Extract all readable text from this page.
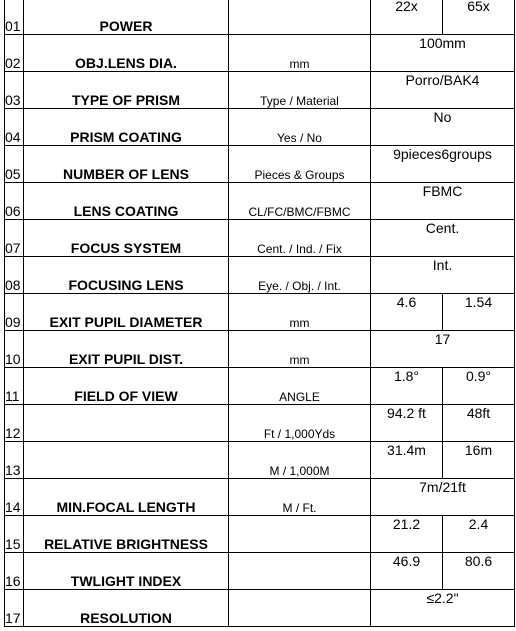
01	POWER		22x	65x
02	OBJ.LENS DIA.	mm	100mm	
03	TYPE OF PRISM	Type / Material	Porro/BAK4	
04	PRISM COATING	Yes / No	No	
05	NUMBER OF LENS	Pieces & Groups	9pieces6groups	
06	LENS COATING	CL/FC/BMC/FBMC	FBMC	
07	FOCUS SYSTEM	Cent. / Ind. / Fix	Cent.	
08	FOCUSING LENS	Eye. / Obj. / Int.	Int.	
09	EXIT PUPIL DIAMETER	mm	4.6	1.54
10	EXIT PUPIL DIST.	mm	17	
11	FIELD OF VIEW	ANGLE	1.8°	0.9°
12		Ft / 1,000Yds	94.2 ft	48ft
13		M / 1,000M	31.4m	16m
14	MIN.FOCAL LENGTH	M / Ft.	7m/21ft	
15	RELATIVE BRIGHTNESS		21.2	2.4
16	TWLIGHT INDEX		46.9	80.6
17	RESOLUTION		≤2.2"	
